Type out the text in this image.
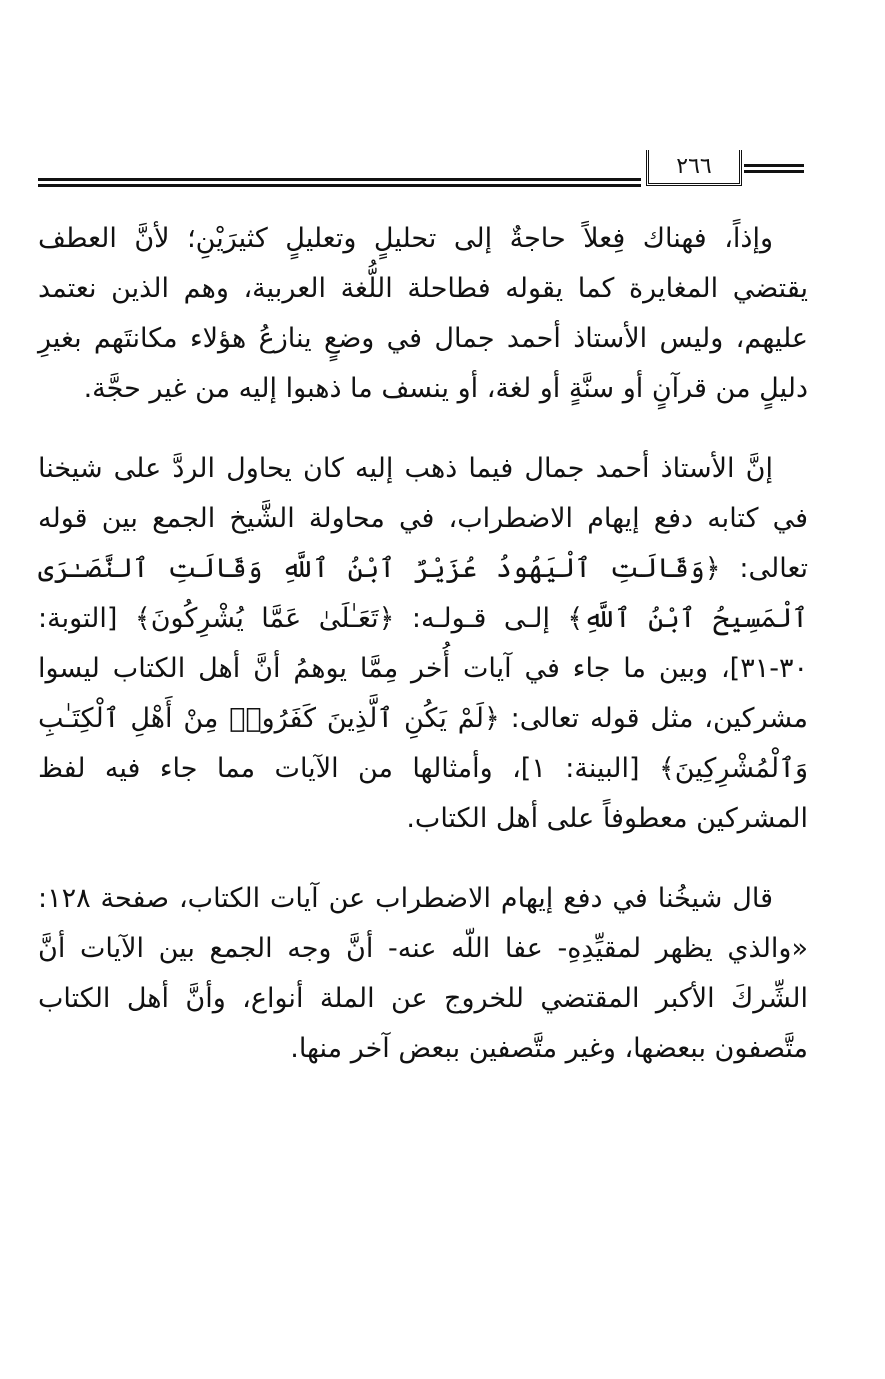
٢٦٦

وإذاً، فهناك فِعلاً حاجةٌ إلى تحليلٍ وتعليلٍ كثيرَيْنِ؛ لأنَّ العطف يقتضي المغايرة كما يقوله فطاحلة اللُّغة العربية، وهم الذين نعتمد عليهم، وليس الأستاذ أحمد جمال في وضعٍ ينازعُ هؤلاء مكانتَهم بغيرِ دليلٍ من قرآنٍ أو سنَّةٍ أو لغة، أو ينسف ما ذهبوا إليه من غير حجَّة.

إنَّ الأستاذ أحمد جمال فيما ذهب إليه كان يحاول الردَّ على شيخنا في كتابه دفع إيهام الاضطراب، في محاولة الشَّيخ الجمع بين قوله تعالى: ﴿وَقَالَتِ ٱلْيَهُودُ عُزَيْرٌ ٱبْنُ ٱللَّهِ وَقَالَتِ ٱلنَّصَـٰرَى ٱلْمَسِيحُ ٱبْنُ ٱللَّهِ﴾ إلـى قـولـه: ﴿تَعَـٰلَىٰ عَمَّا يُشْرِكُونَ﴾ [التوبة: ٣٠-٣١]، وبين ما جاء في آيات أُخر مِمَّا يوهمُ أنَّ أهل الكتاب ليسوا مشركين، مثل قوله تعالى: ﴿لَمْ يَكُنِ ٱلَّذِينَ كَفَرُوا۟ مِنْ أَهْلِ ٱلْكِتَـٰبِ وَٱلْمُشْرِكِينَ﴾ [البينة: ١]، وأمثالها من الآيات مما جاء فيه لفظ المشركين معطوفاً على أهل الكتاب.

قال شيخُنا في دفع إيهام الاضطراب عن آيات الكتاب، صفحة ١٢٨: «والذي يظهر لمقيِّدِهِ- عفا اللّه عنه- أنَّ وجه الجمع بين الآيات أنَّ الشِّركَ الأكبر المقتضي للخروج عن الملة أنواع، وأنَّ أهل الكتاب متَّصفون ببعضها، وغير متَّصفين ببعض آخر منها.
